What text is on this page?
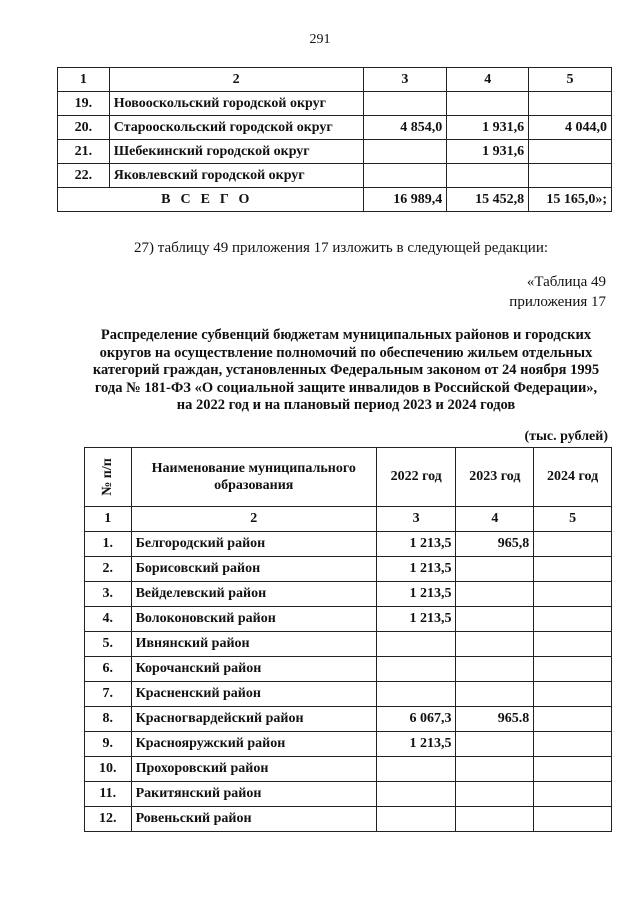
291
1	2	3	4	5
19.	Новооскольский городской округ			
20.	Старооскольский городской округ	4 854,0	1 931,6	4 044,0
21.	Шебекинский городской округ		1 931,6	
22.	Яковлевский городской округ			
ВСЕГО		16 989,4	15 452,8	15 165,0»;
27) таблицу 49 приложения 17 изложить в следующей редакции:
«Таблица 49
приложения 17
Распределение субвенций бюджетам муниципальных районов и городских округов на осуществление полномочий по обеспечению жильем отдельных категорий граждан, установленных Федеральным законом от 24 ноября 1995 года № 181-ФЗ «О социальной защите инвалидов в Российской Федерации», на 2022 год и на плановый период 2023 и 2024 годов
(тыс. рублей)
№ п/п	Наименование муниципального образования	2022 год	2023 год	2024 год
1	2	3	4	5
1.	Белгородский район	1 213,5	965,8	
2.	Борисовский район	1 213,5		
3.	Вейделевский район	1 213,5		
4.	Волоконовский район	1 213,5		
5.	Ивнянский район			
6.	Корочанский район			
7.	Красненский район			
8.	Красногвардейский район	6 067,3	965.8	
9.	Краснояружский район	1 213,5		
10.	Прохоровский район			
11.	Ракитянский район			
12.	Ровеньский район			
